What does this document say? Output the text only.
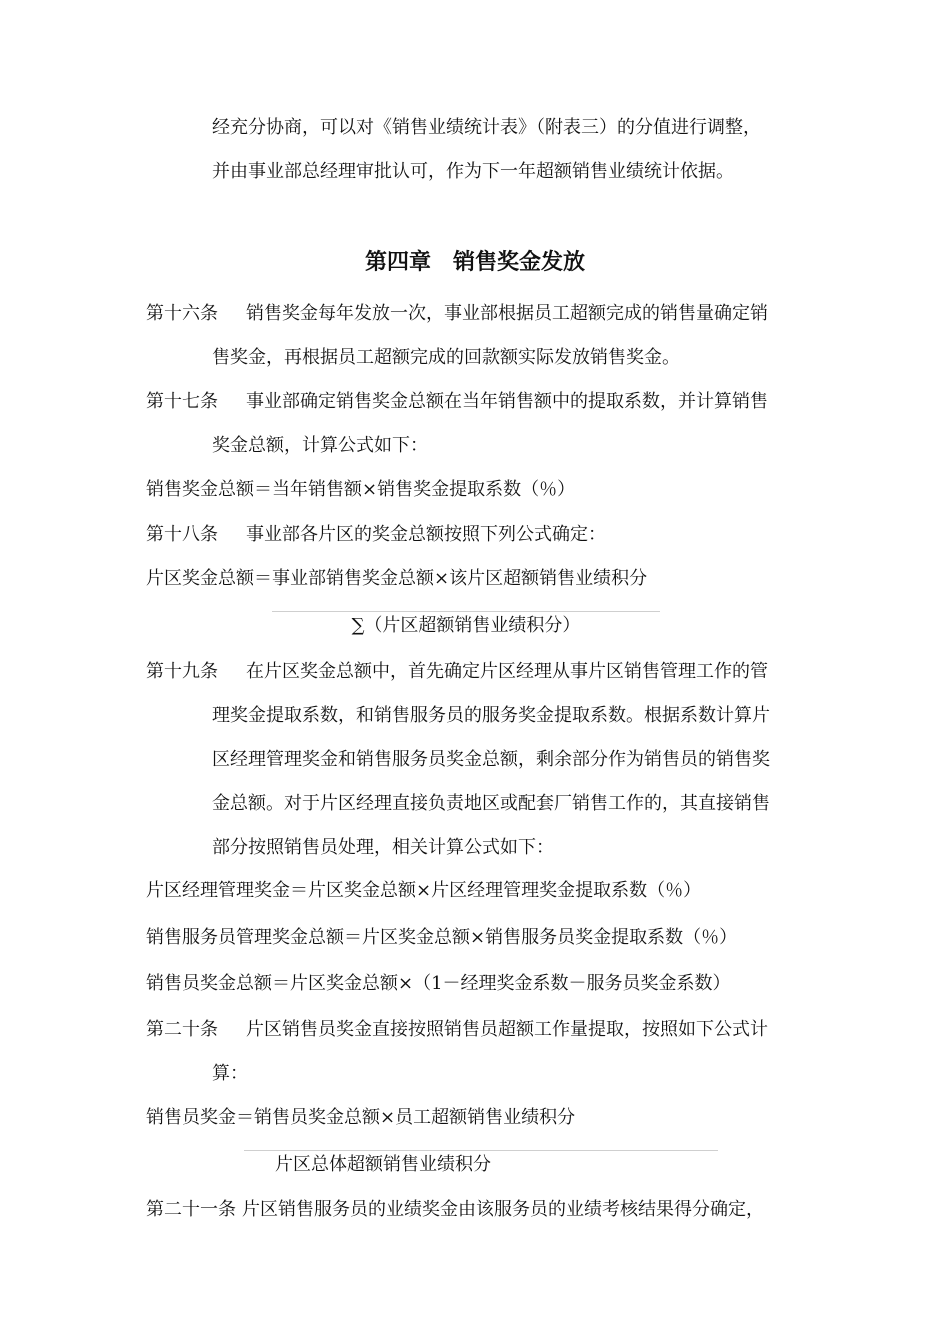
经充分协商，可以对《销售业绩统计表》（附表三）的分值进行调整，
并由事业部总经理审批认可，作为下一年超额销售业绩统计依据。
第四章　销售奖金发放
第十六条 销售奖金每年发放一次，事业部根据员工超额完成的销售量确定销
售奖金，再根据员工超额完成的回款额实际发放销售奖金。
第十七条 事业部确定销售奖金总额在当年销售额中的提取系数，并计算销售
奖金总额，计算公式如下：
销售奖金总额＝当年销售额×销售奖金提取系数（％）
第十八条 事业部各片区的奖金总额按照下列公式确定：
片区奖金总额＝事业部销售奖金总额×该片区超额销售业绩积分
∑（片区超额销售业绩积分）
第十九条 在片区奖金总额中，首先确定片区经理从事片区销售管理工作的管
理奖金提取系数，和销售服务员的服务奖金提取系数。根据系数计算片
区经理管理奖金和销售服务员奖金总额，剩余部分作为销售员的销售奖
金总额。对于片区经理直接负责地区或配套厂销售工作的，其直接销售
部分按照销售员处理，相关计算公式如下：
片区经理管理奖金＝片区奖金总额×片区经理管理奖金提取系数（％）
销售服务员管理奖金总额＝片区奖金总额×销售服务员奖金提取系数（％）
销售员奖金总额＝片区奖金总额×（1－经理奖金系数－服务员奖金系数）
第二十条 片区销售员奖金直接按照销售员超额工作量提取，按照如下公式计
算：
销售员奖金＝销售员奖金总额×员工超额销售业绩积分
片区总体超额销售业绩积分
第二十一条 片区销售服务员的业绩奖金由该服务员的业绩考核结果得分确定，
